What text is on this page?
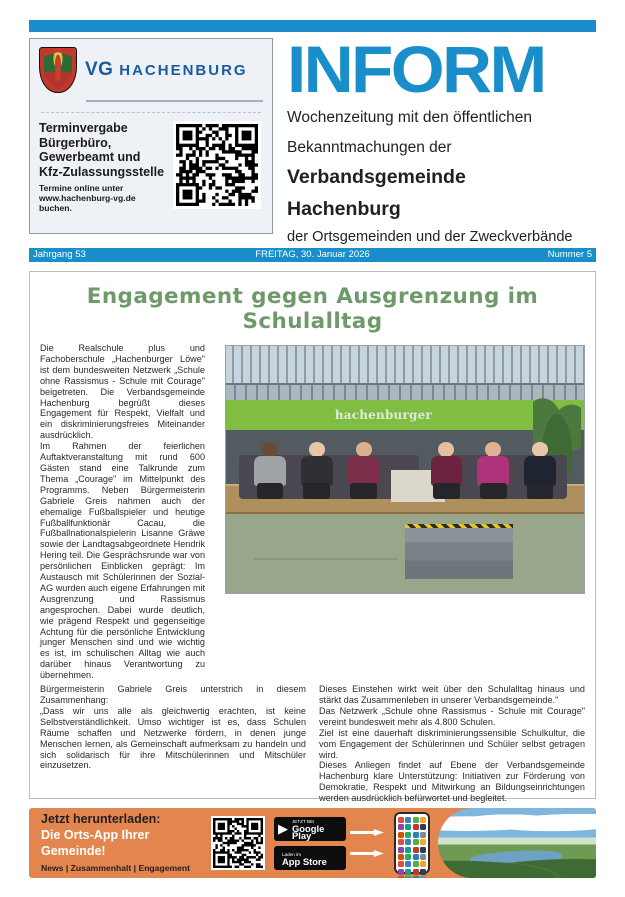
VG HACHENBURG
Terminvergabe
Bürgerbüro,
Gewerbeamt und
Kfz-Zulassungsstelle
Termine online unter
www.hachenburg-vg.de
buchen.
INFORM
Wochenzeitung mit den öffentlichen
Bekanntmachungen der
Verbandsgemeinde
Hachenburg
der Ortsgemeinden und der Zweckverbände
Jahrgang 53	FREITAG, 30. Januar 2026	Nummer 5
Engagement gegen Ausgrenzung im Schulalltag
hachenburger

Die Realschule plus und Fachoberschule „Hachenburger Löwe" ist dem bundesweiten Netzwerk „Schule ohne Rassismus - Schule mit Courage" beigetreten. Die Verbandsgemeinde Hachenburg begrüßt dieses Engagement für Respekt, Vielfalt und ein diskriminierungsfreies Miteinander ausdrücklich.

Im Rahmen der feierlichen Auftaktveranstaltung mit rund 600 Gästen stand eine Talkrunde zum Thema „Courage" im Mittelpunkt des Programms. Neben Bürgermeisterin Gabriele Greis nahmen auch der ehemalige Fußballspieler und heutige Fußballfunktionär Cacau, die Fußballnationalspielerin Lisanne Gräwe sowie der Landtagsabgeordnete Hendrik Hering teil. Die Gesprächsrunde war von persönlichen Einblicken geprägt: Im Austausch mit Schülerinnen der Sozial-AG wurden auch eigene Erfahrungen mit Ausgrenzung und Rassismus angesprochen. Dabei wurde deutlich, wie prägend Respekt und gegenseitige Achtung für die persönliche Entwicklung junger Menschen sind und wie wichtig es ist, im schulischen Alltag wie auch darüber hinaus Verantwortung zu übernehmen.

Bürgermeisterin Gabriele Greis unterstrich in diesem Zusammenhang:

„Dass wir uns alle als gleichwertig erachten, ist keine Selbstverständlichkeit. Umso wichtiger ist es, dass Schulen Räume schaffen und Netzwerke fördern, in denen junge Menschen lernen, als Gemeinschaft aufmerksam zu handeln und sich solidarisch für ihre Mitschülerinnen und Mitschüler einzusetzen.

Dieses Einstehen wirkt weit über den Schulalltag hinaus und stärkt das Zusammenleben in unserer Verbandsgemeinde."

Das Netzwerk „Schule ohne Rassismus - Schule mit Courage" vereint bundesweit mehr als 4.800 Schulen.

Ziel ist eine dauerhaft diskriminierungssensible Schulkultur, die vom Engagement der Schülerinnen und Schüler selbst getragen wird.

Dieses Anliegen findet auf Ebene der Verbandsgemeinde Hachenburg klare Unterstützung: Initiativen zur Förderung von Demokratie, Respekt und Mitwirkung an Bildungseinrichtungen werden ausdrücklich befürwortet und begleitet.

Jetzt herunterladen:
Die Orts-App Ihrer Gemeinde!
News | Zusammenhalt | Engagement
▶ JETZT BEI
Google Play
Laden im
App Store
